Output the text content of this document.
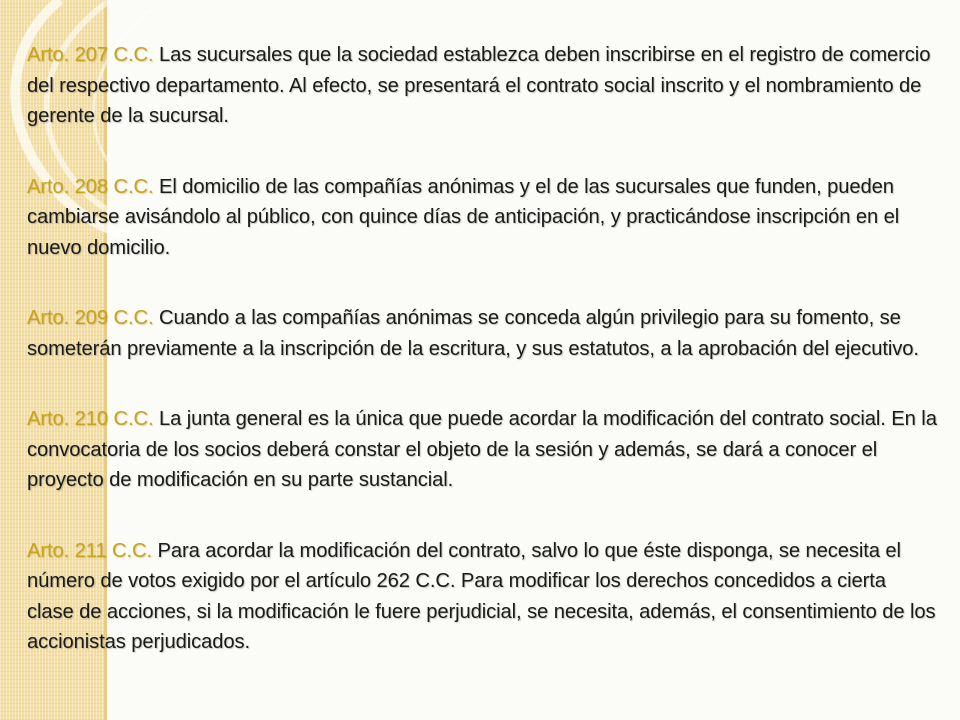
Arto. 207 C.C. Las sucursales que la sociedad establezca deben inscribirse en el registro de comercio del respectivo departamento. Al efecto, se presentará el contrato social inscrito y el nombramiento de gerente de la sucursal.

Arto. 208 C.C. El domicilio de las compañías anónimas y el de las sucursales que funden, pueden cambiarse avisándolo al público, con quince días de anticipación, y practicándose inscripción en el nuevo domicilio.

Arto. 209 C.C. Cuando a las compañías anónimas se conceda algún privilegio para su fomento, se someterán previamente a la inscripción de la escritura, y sus estatutos, a la aprobación del ejecutivo.

Arto. 210 C.C. La junta general es la única que puede acordar la modificación del contrato social. En la convocatoria de los socios deberá constar el objeto de la sesión y además, se dará a conocer el proyecto de modificación en su parte sustancial.

Arto. 211 C.C. Para acordar la modificación del contrato, salvo lo que éste disponga, se necesita el número de votos exigido por el artículo 262 C.C. Para modificar los derechos concedidos a cierta clase de acciones, si la modificación le fuere perjudicial, se necesita, además, el consentimiento de los accionistas perjudicados.
